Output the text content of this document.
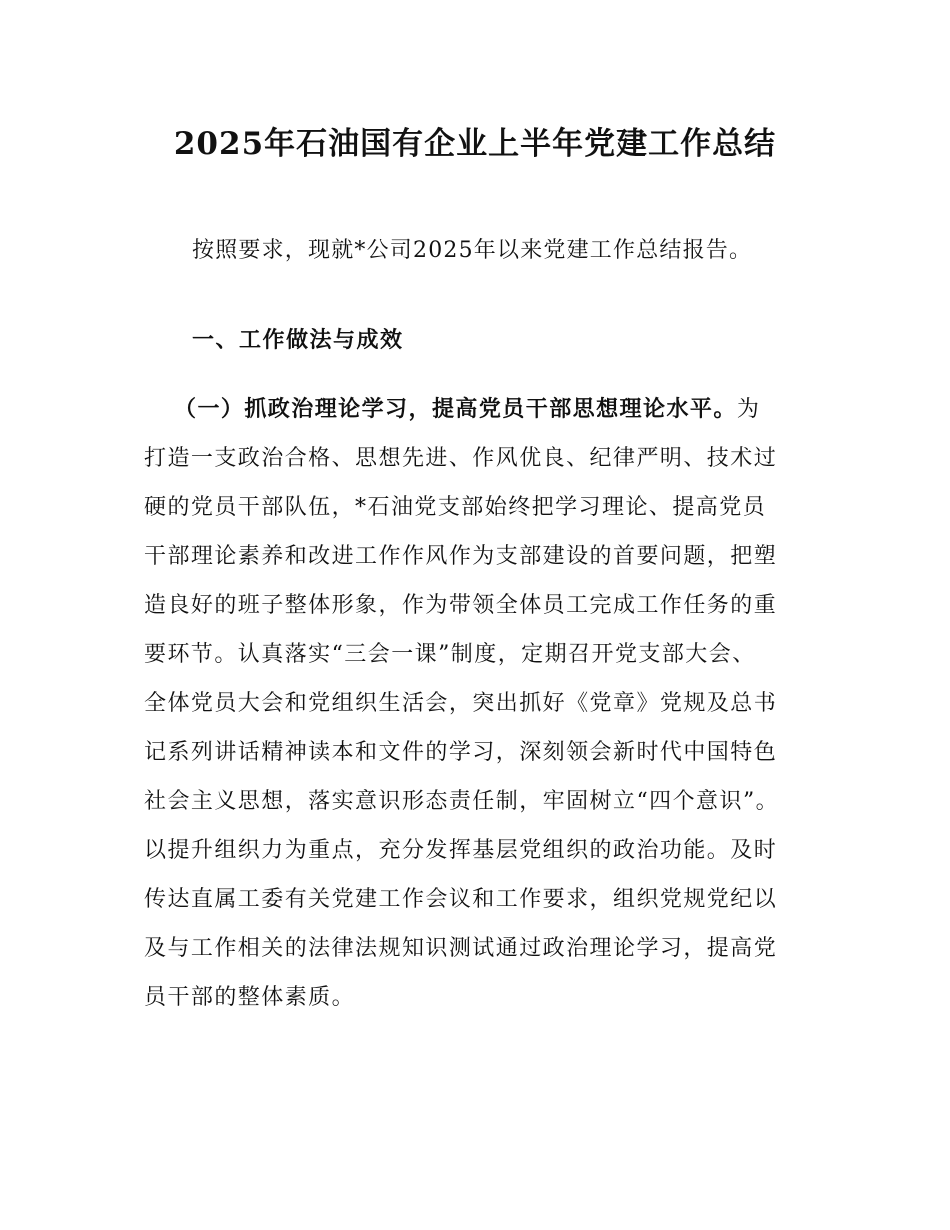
2025年石油国有企业上半年党建工作总结

按照要求，现就*公司2025年以来党建工作总结报告。

一、工作做法与成效
（一）抓政治理论学习，提高党员干部思想理论水平。为
打造一支政治合格、思想先进、作风优良、纪律严明、技术过
硬的党员干部队伍，*石油党支部始终把学习理论、提高党员
干部理论素养和改进工作作风作为支部建设的首要问题，把塑
造良好的班子整体形象，作为带领全体员工完成工作任务的重
要环节。认真落实“三会一课”制度，定期召开党支部大会、
全体党员大会和党组织生活会，突出抓好《党章》党规及总书
记系列讲话精神读本和文件的学习，深刻领会新时代中国特色
社会主义思想，落实意识形态责任制，牢固树立“四个意识”。
以提升组织力为重点，充分发挥基层党组织的政治功能。及时
传达直属工委有关党建工作会议和工作要求，组织党规党纪以
及与工作相关的法律法规知识测试通过政治理论学习，提高党
员干部的整体素质。
